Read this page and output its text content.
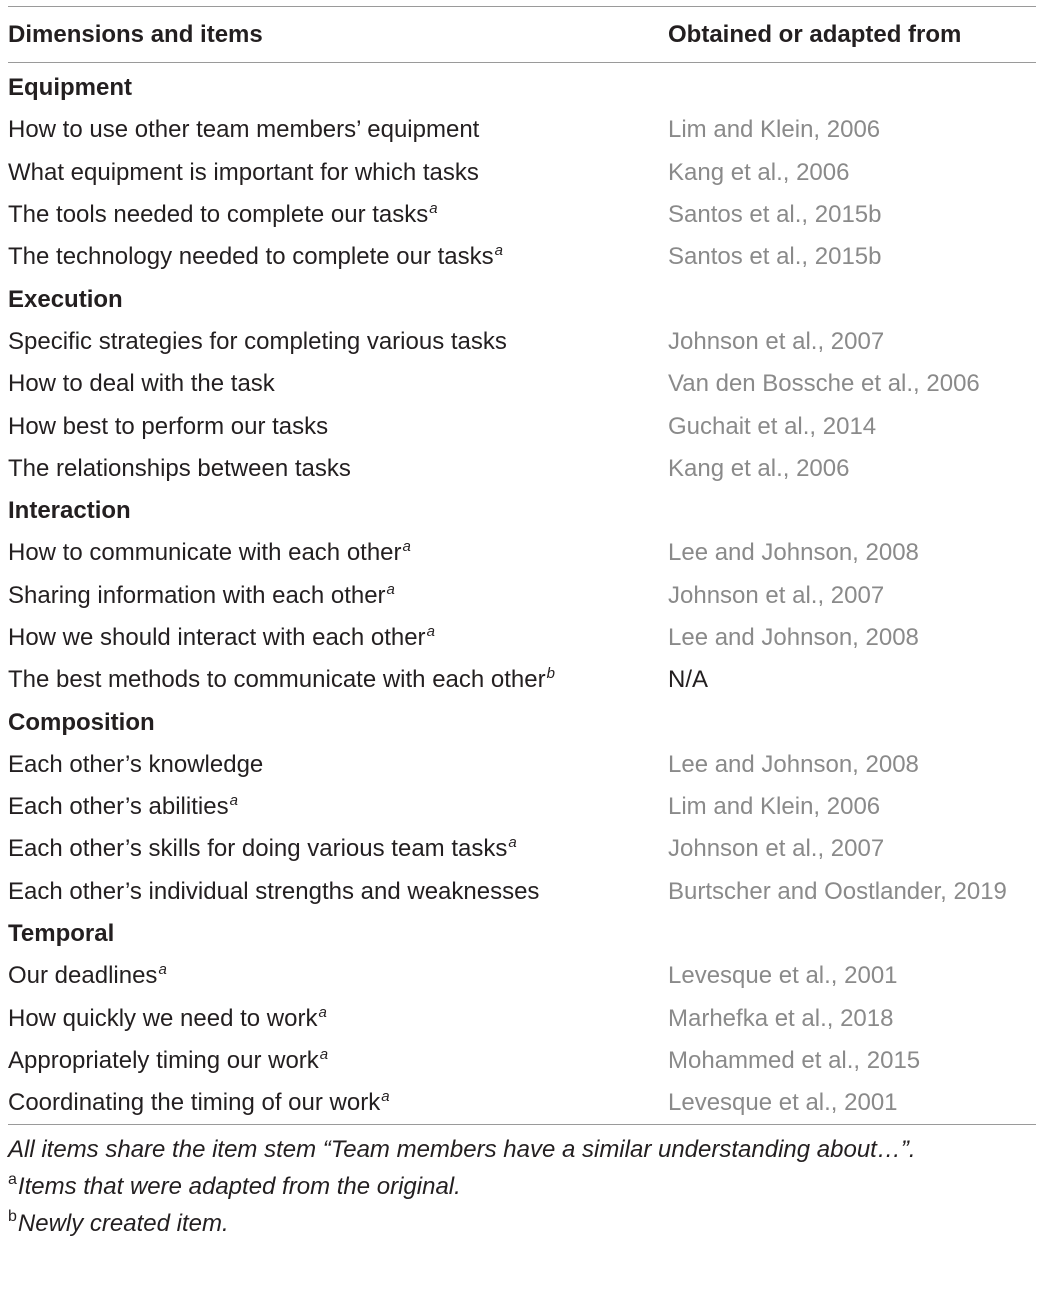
Dimensions and items	Obtained or adapted from
Equipment
How to use other team members’ equipment	Lim and Klein, 2006
What equipment is important for which tasks	Kang et al., 2006
The tools needed to complete our tasks$^a$	Santos et al., 2015b
The technology needed to complete our tasks$^a$	Santos et al., 2015b
Execution
Specific strategies for completing various tasks	Johnson et al., 2007
How to deal with the task	Van den Bossche et al., 2006
How best to perform our tasks	Guchait et al., 2014
The relationships between tasks	Kang et al., 2006
Interaction
How to communicate with each other$^a$	Lee and Johnson, 2008
Sharing information with each other$^a$	Johnson et al., 2007
How we should interact with each other$^a$	Lee and Johnson, 2008
The best methods to communicate with each other$^b$	N/A
Composition
Each other’s knowledge	Lee and Johnson, 2008
Each other’s abilities$^a$	Lim and Klein, 2006
Each other’s skills for doing various team tasks$^a$	Johnson et al., 2007
Each other’s individual strengths and weaknesses	Burtscher and Oostlander, 2019
Temporal
Our deadlines$^a$	Levesque et al., 2001
How quickly we need to work$^a$	Marhefka et al., 2018
Appropriately timing our work$^a$	Mohammed et al., 2015
Coordinating the timing of our work$^a$	Levesque et al., 2001
All items share the item stem “Team members have a similar understanding about…”.
$^a$Items that were adapted from the original.
$^b$Newly created item.
